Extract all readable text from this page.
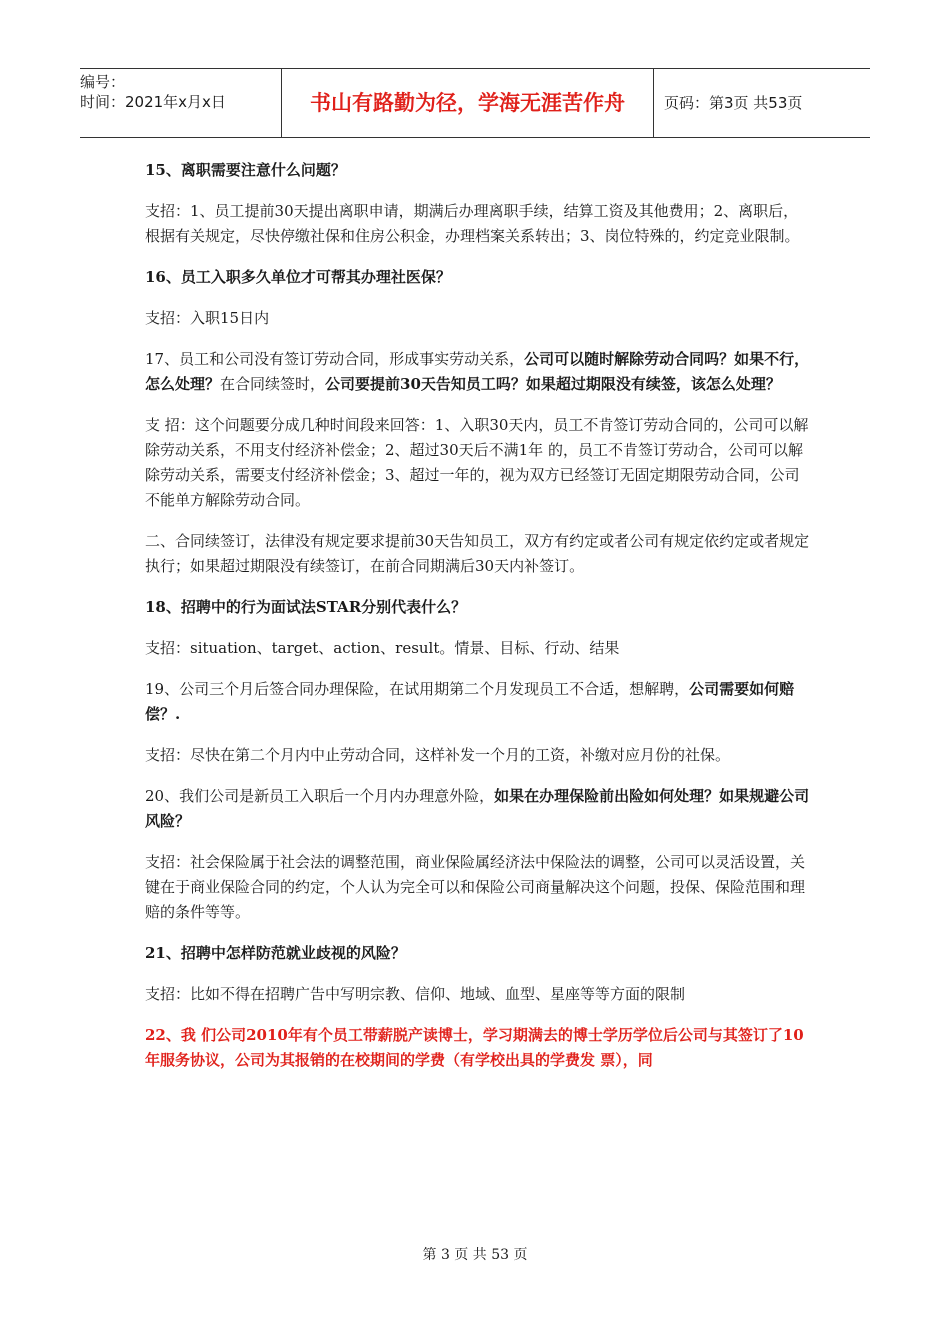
编号：
时间：2021年x月x日	书山有路勤为径，学海无涯苦作舟	页码：第3页 共53页

15、离职需要注意什么问题？

支招：1、员工提前30天提出离职申请，期满后办理离职手续，结算工资及其他费用；2、离职后，根据有关规定，尽快停缴社保和住房公积金，办理档案关系转出；3、岗位特殊的，约定竞业限制。

16、员工入职多久单位才可帮其办理社医保？

支招：入职15日内

17、员工和公司没有签订劳动合同，形成事实劳动关系，公司可以随时解除劳动合同吗？如果不行，怎么处理？在合同续签时，公司要提前30天告知员工吗？如果超过期限没有续签，该怎么处理？

支 招：这个问题要分成几种时间段来回答：1、入职30天内，员工不肯签订劳动合同的，公司可以解除劳动关系，不用支付经济补偿金；2、超过30天后不满1年 的，员工不肯签订劳动合，公司可以解除劳动关系，需要支付经济补偿金；3、超过一年的，视为双方已经签订无固定期限劳动合同，公司不能单方解除劳动合同。

二、合同续签订，法律没有规定要求提前30天告知员工，双方有约定或者公司有规定依约定或者规定执行；如果超过期限没有续签订，在前合同期满后30天内补签订。

18、招聘中的行为面试法STAR分别代表什么？

支招：situation、target、action、result。情景、目标、行动、结果

19、公司三个月后签合同办理保险，在试用期第二个月发现员工不合适，想解聘，公司需要如何赔偿？.

支招：尽快在第二个月内中止劳动合同，这样补发一个月的工资，补缴对应月份的社保。

20、我们公司是新员工入职后一个月内办理意外险，如果在办理保险前出险如何处理？如果规避公司风险？

支招：社会保险属于社会法的调整范围，商业保险属经济法中保险法的调整，公司可以灵活设置，关键在于商业保险合同的约定，个人认为完全可以和保险公司商量解决这个问题，投保、保险范围和理赔的条件等等。

21、招聘中怎样防范就业歧视的风险？

支招：比如不得在招聘广告中写明宗教、信仰、地域、血型、星座等等方面的限制

22、我 们公司2010年有个员工带薪脱产读博士，学习期满去的博士学历学位后公司与其签订了10年服务协议，公司为其报销的在校期间的学费（有学校出具的学费发 票），同

第 3 页 共 53 页
